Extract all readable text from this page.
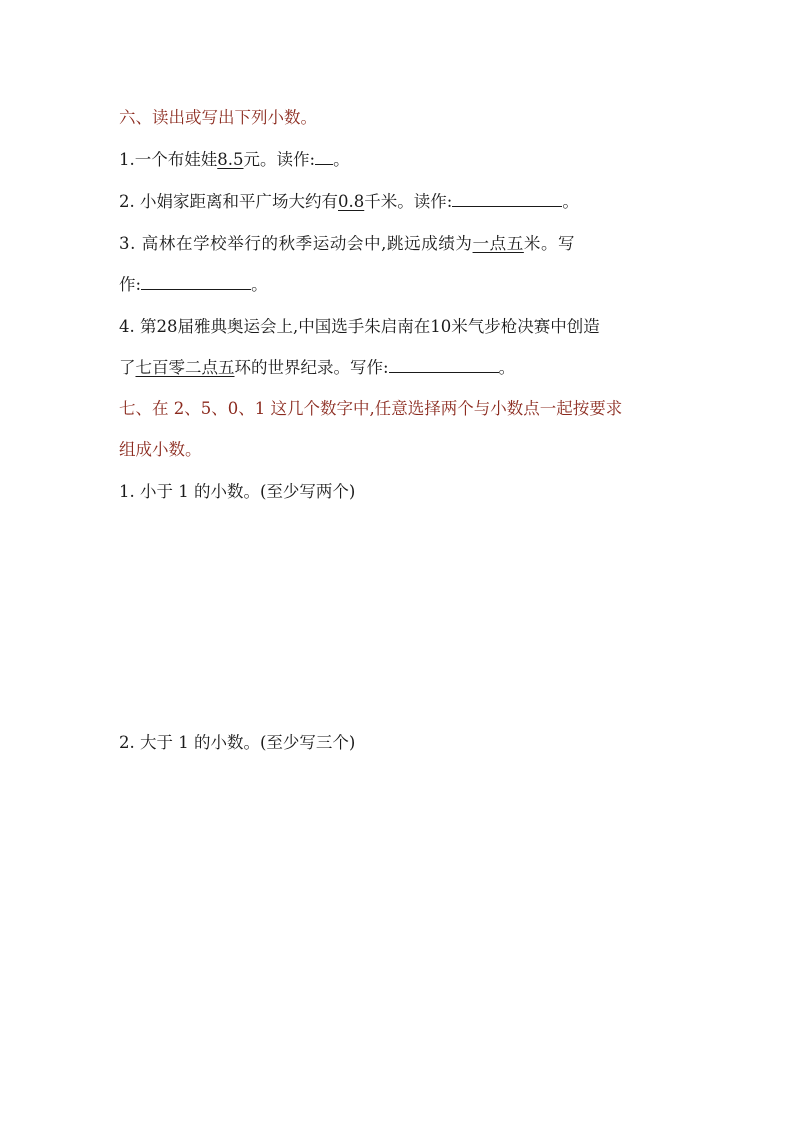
六、读出或写出下列小数。
1.一个布娃娃8.5元。读作: 。
2. 小娟家距离和平广场大约有0.8千米。读作:	。
3. 高林在学校举行的秋季运动会中,跳远成绩为一点五米。写
作:	。
4. 第28届雅典奥运会上,中国选手朱启南在10米气步枪决赛中创造
了七百零二点五环的世界纪录。写作:	。
七、在 2、5、0、1 这几个数字中,任意选择两个与小数点一起按要求
组成小数。
1. 小于 1 的小数。(至少写两个)
2. 大于 1 的小数。(至少写三个)
